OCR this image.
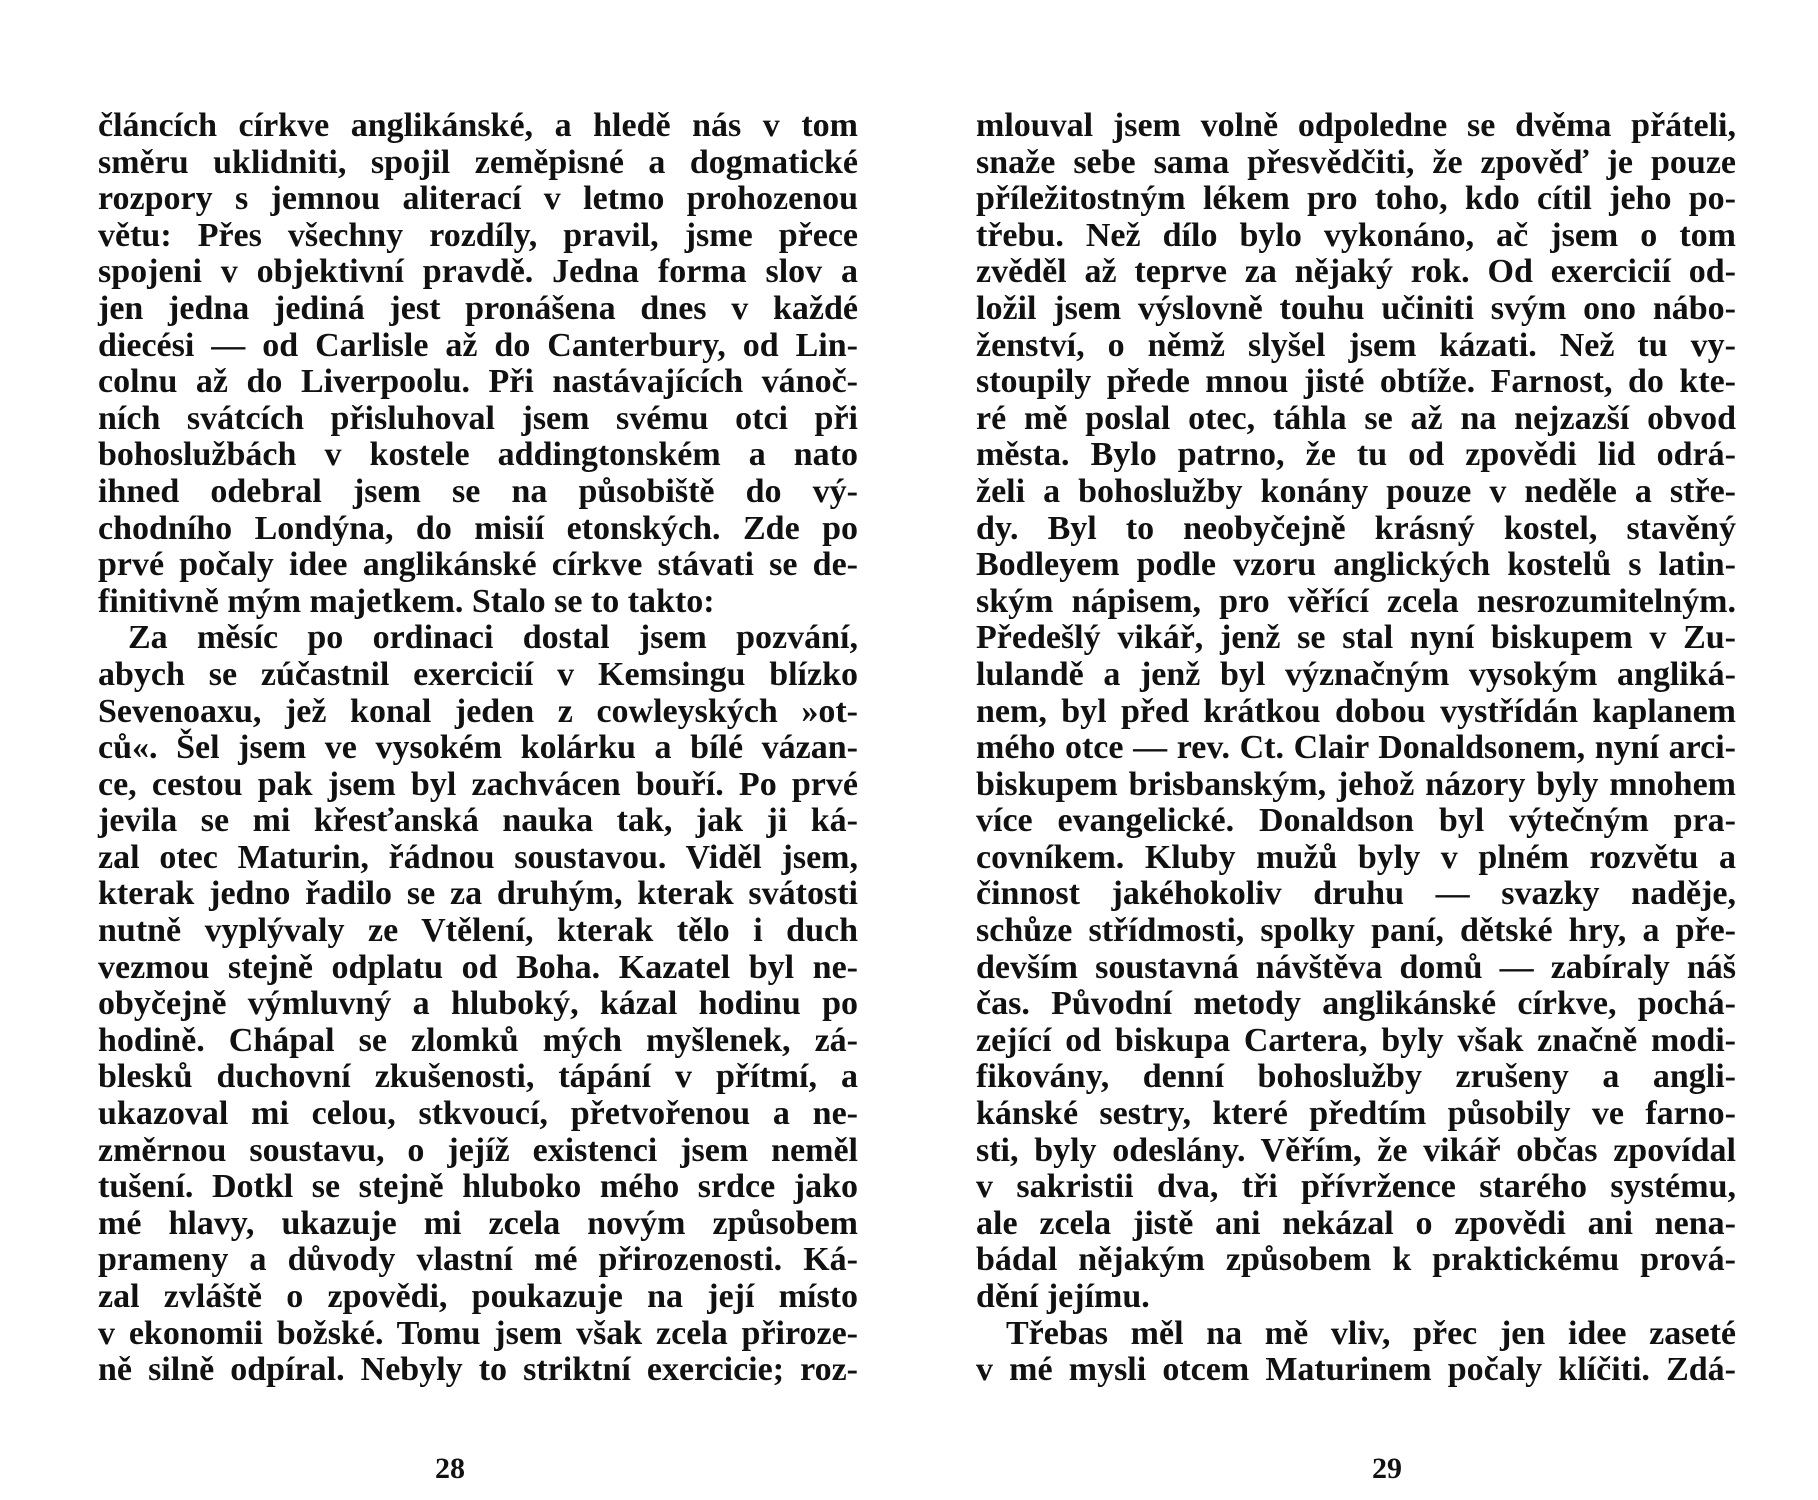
článcích církve anglikánské, a hledě nás v tom
směru uklidniti, spojil zeměpisné a dogmatické
rozpory s jemnou aliterací v letmo prohozenou
větu: Přes všechny rozdíly, pravil, jsme přece
spojeni v objektivní pravdě. Jedna forma slov a
jen jedna jediná jest pronášena dnes v každé
diecési — od Carlisle až do Canterbury, od Lin-
colnu až do Liverpoolu. Při nastávajících vánoč-
ních svátcích přisluhoval jsem svému otci při
bohoslužbách v kostele addingtonském a nato
ihned odebral jsem se na působiště do vý-
chodního Londýna, do misií etonských. Zde po
prvé počaly idee anglikánské církve stávati se de-
finitivně mým majetkem. Stalo se to takto:
Za měsíc po ordinaci dostal jsem pozvání,
abych se zúčastnil exercicií v Kemsingu blízko
Sevenoaxu, jež konal jeden z cowleyských »ot-
ců«. Šel jsem ve vysokém kolárku a bílé vázan-
ce, cestou pak jsem byl zachvácen bouří. Po prvé
jevila se mi křesťanská nauka tak, jak ji ká-
zal otec Maturin, řádnou soustavou. Viděl jsem,
kterak jedno řadilo se za druhým, kterak svátosti
nutně vyplývaly ze Vtělení, kterak tělo i duch
vezmou stejně odplatu od Boha. Kazatel byl ne-
obyčejně výmluvný a hluboký, kázal hodinu po
hodině. Chápal se zlomků mých myšlenek, zá-
blesků duchovní zkušenosti, tápání v přítmí, a
ukazoval mi celou, stkvoucí, přetvořenou a ne-
změrnou soustavu, o jejíž existenci jsem neměl
tušení. Dotkl se stejně hluboko mého srdce jako
mé hlavy, ukazuje mi zcela novým způsobem
prameny a důvody vlastní mé přirozenosti. Ká-
zal zvláště o zpovědi, poukazuje na její místo
v ekonomii božské. Tomu jsem však zcela přiroze-
ně silně odpíral. Nebyly to striktní exercicie; roz-
28
mlouval jsem volně odpoledne se dvěma přáteli,
snaže sebe sama přesvědčiti, že zpověď je pouze
příležitostným lékem pro toho, kdo cítil jeho po-
třebu. Než dílo bylo vykonáno, ač jsem o tom
zvěděl až teprve za nějaký rok. Od exercicií od-
ložil jsem výslovně touhu učiniti svým ono nábo-
ženství, o němž slyšel jsem kázati. Než tu vy-
stoupily přede mnou jisté obtíže. Farnost, do kte-
ré mě poslal otec, táhla se až na nejzazší obvod
města. Bylo patrno, že tu od zpovědi lid odrá-
želi a bohoslužby konány pouze v neděle a stře-
dy. Byl to neobyčejně krásný kostel, stavěný
Bodleyem podle vzoru anglických kostelů s latin-
ským nápisem, pro věřící zcela nesrozumitelným.
Předešlý vikář, jenž se stal nyní biskupem v Zu-
lulandě a jenž byl význačným vysokým angliká-
nem, byl před krátkou dobou vystřídán kaplanem
mého otce — rev. Ct. Clair Donaldsonem, nyní arci-
biskupem brisbanským, jehož názory byly mnohem
více evangelické. Donaldson byl výtečným pra-
covníkem. Kluby mužů byly v plném rozvětu a
činnost jakéhokoliv druhu — svazky naděje,
schůze střídmosti, spolky paní, dětské hry, a pře-
devším soustavná návštěva domů — zabíraly náš
čas. Původní metody anglikánské církve, pochá-
zející od biskupa Cartera, byly však značně modi-
fikovány, denní bohoslužby zrušeny a angli-
kánské sestry, které předtím působily ve farno-
sti, byly odeslány. Věřím, že vikář občas zpovídal
v sakristii dva, tři přívržence starého systému,
ale zcela jistě ani nekázal o zpovědi ani nena-
bádal nějakým způsobem k praktickému prová-
dění jejímu.
Třebas měl na mě vliv, přec jen idee zaseté
v mé mysli otcem Maturinem počaly klíčiti. Zdá-
29
